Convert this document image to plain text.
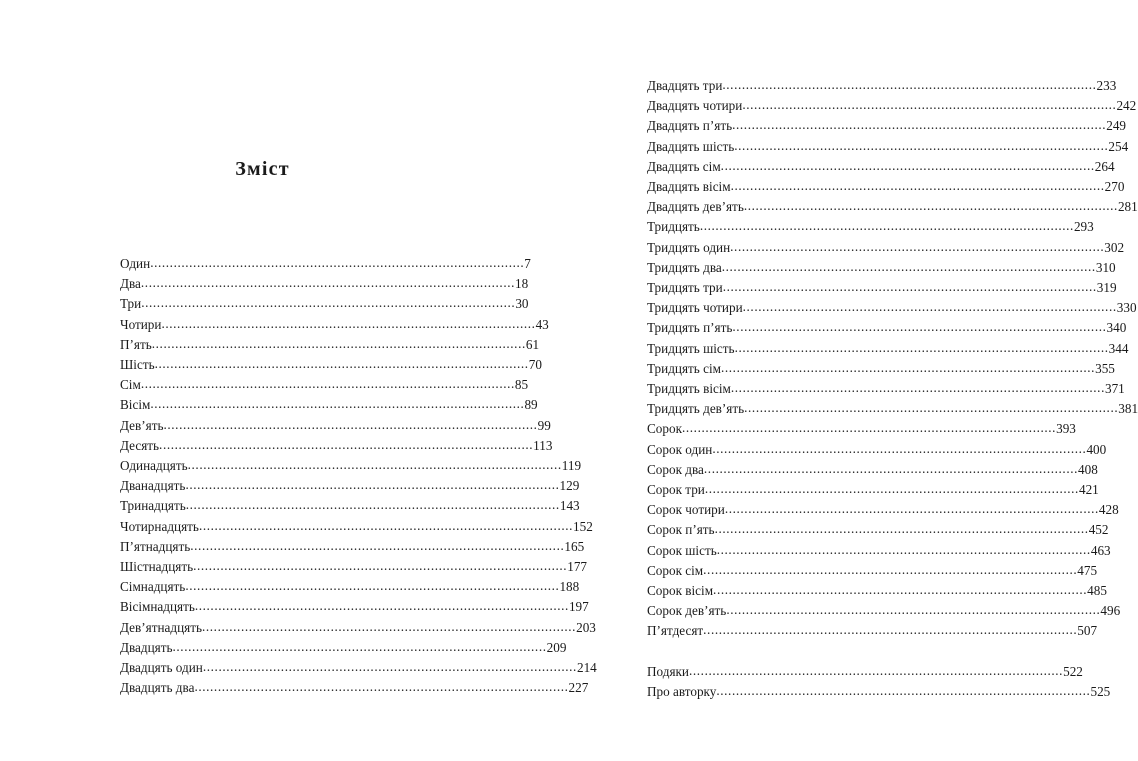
Зміст
Один ................................................................................................ 7
Два ................................................................................................ 18
Три ................................................................................................ 30
Чотири ................................................................................................ 43
П’ять ................................................................................................ 61
Шість ................................................................................................ 70
Сім ................................................................................................ 85
Вісім ................................................................................................ 89
Дев’ять ................................................................................................ 99
Десять ................................................................................................ 113
Одинадцять ................................................................................................ 119
Дванадцять ................................................................................................ 129
Тринадцять ................................................................................................ 143
Чотирнадцять ................................................................................................ 152
П’ятнадцять ................................................................................................ 165
Шістнадцять ................................................................................................ 177
Сімнадцять ................................................................................................ 188
Вісімнадцять ................................................................................................ 197
Дев’ятнадцять ................................................................................................ 203
Двадцять ................................................................................................ 209
Двадцять один ................................................................................................ 214
Двадцять два ................................................................................................ 227
Двадцять три ................................................................................................ 233
Двадцять чотири ................................................................................................ 242
Двадцять п’ять ................................................................................................ 249
Двадцять шість ................................................................................................ 254
Двадцять сім ................................................................................................ 264
Двадцять вісім ................................................................................................ 270
Двадцять дев’ять ................................................................................................ 281
Тридцять ................................................................................................ 293
Тридцять один ................................................................................................ 302
Тридцять два ................................................................................................ 310
Тридцять три ................................................................................................ 319
Тридцять чотири ................................................................................................ 330
Тридцять п’ять ................................................................................................ 340
Тридцять шість ................................................................................................ 344
Тридцять сім ................................................................................................ 355
Тридцять вісім ................................................................................................ 371
Тридцять дев’ять ................................................................................................ 381
Сорок ................................................................................................ 393
Сорок один ................................................................................................ 400
Сорок два ................................................................................................ 408
Сорок три ................................................................................................ 421
Сорок чотири ................................................................................................ 428
Сорок п’ять ................................................................................................ 452
Сорок шість ................................................................................................ 463
Сорок сім ................................................................................................ 475
Сорок вісім ................................................................................................ 485
Сорок дев’ять ................................................................................................ 496
П’ятдесят ................................................................................................ 507
Подяки ................................................................................................ 522
Про авторку ................................................................................................ 525
